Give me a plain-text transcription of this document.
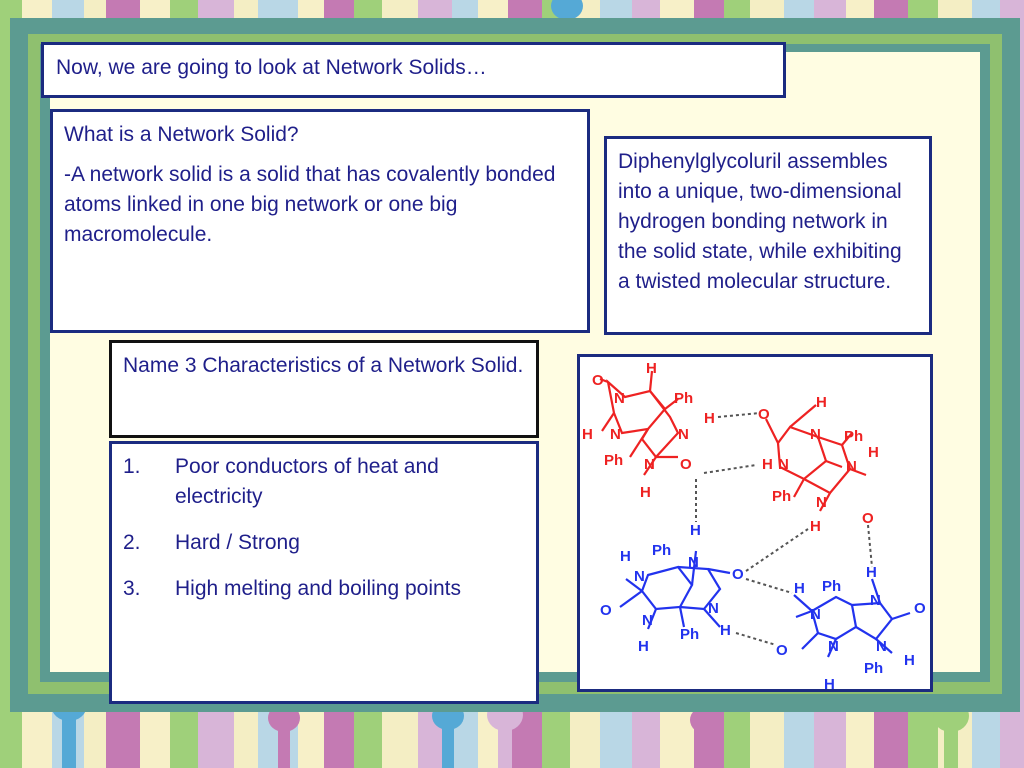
Now, we are going to look at Network Solids…

What is a Network Solid?

-A network solid is a solid that has covalently bonded atoms linked in one big network or one big macromolecule.

Diphenylglycoluril assembles into a unique, two-dimensional hydrogen bonding network in the solid state, while exhibiting a twisted molecular structure.
Name 3 Characteristics of a Network Solid.
1.	Poor conductors of heat and electricity
2.	Hard / Strong
3.	High melting and boiling points
O
N
H
Ph
H
H N	N
Ph	O
N
H
O
H
N Ph
H N	N
H
Ph N
O
H
H
H Ph
N
N	O
O	N
N
Ph H
H
H Ph
H
N
N O
O	N N
Ph H
H
